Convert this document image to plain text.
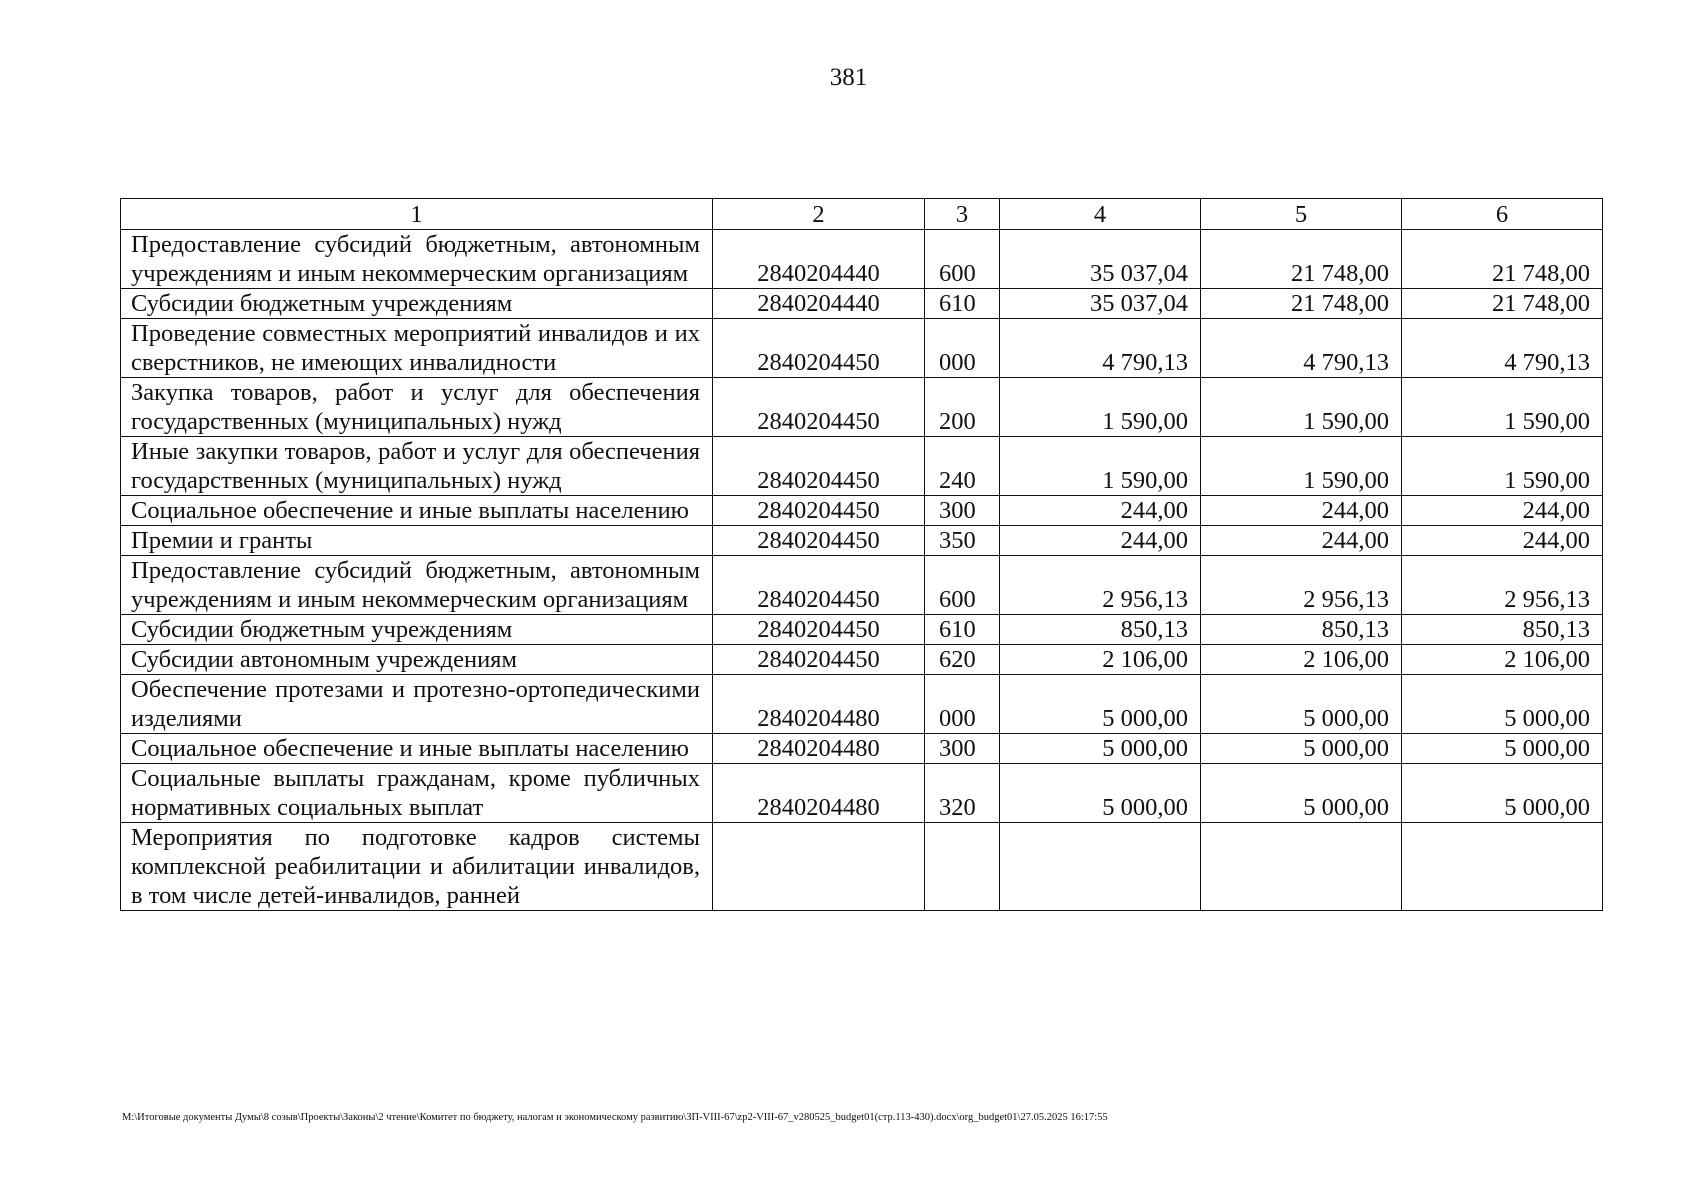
381
1	2	3	4	5	6
Предоставление субсидий бюджетным, автономным учреждениям и иным некоммерческим организациям	2840204440	600	35 037,04	21 748,00	21 748,00
Субсидии бюджетным учреждениям	2840204440	610	35 037,04	21 748,00	21 748,00
Проведение совместных мероприятий инвалидов и их сверстников, не имеющих инвалидности	2840204450	000	4 790,13	4 790,13	4 790,13
Закупка товаров, работ и услуг для обеспечения государственных (муниципальных) нужд	2840204450	200	1 590,00	1 590,00	1 590,00
Иные закупки товаров, работ и услуг для обеспечения государственных (муниципальных) нужд	2840204450	240	1 590,00	1 590,00	1 590,00
Социальное обеспечение и иные выплаты населению	2840204450	300	244,00	244,00	244,00
Премии и гранты	2840204450	350	244,00	244,00	244,00
Предоставление субсидий бюджетным, автономным учреждениям и иным некоммерческим организациям	2840204450	600	2 956,13	2 956,13	2 956,13
Субсидии бюджетным учреждениям	2840204450	610	850,13	850,13	850,13
Субсидии автономным учреждениям	2840204450	620	2 106,00	2 106,00	2 106,00
Обеспечение протезами и протезно-ортопедическими изделиями	2840204480	000	5 000,00	5 000,00	5 000,00
Социальное обеспечение и иные выплаты населению	2840204480	300	5 000,00	5 000,00	5 000,00
Социальные выплаты гражданам, кроме публичных нормативных социальных выплат	2840204480	320	5 000,00	5 000,00	5 000,00
Мероприятия по подготовке кадров системы комплексной реабилитации и абилитации инвалидов, в том числе детей-инвалидов, ранней					
M:\Итоговые документы Думы\8 созыв\Проекты\Законы\2 чтение\Комитет по бюджету, налогам и экономическому развитию\ЗП-VIII-67\zp2-VIII-67_v280525_budget01(стр.113-430).docx\org_budget01\27.05.2025 16:17:55
